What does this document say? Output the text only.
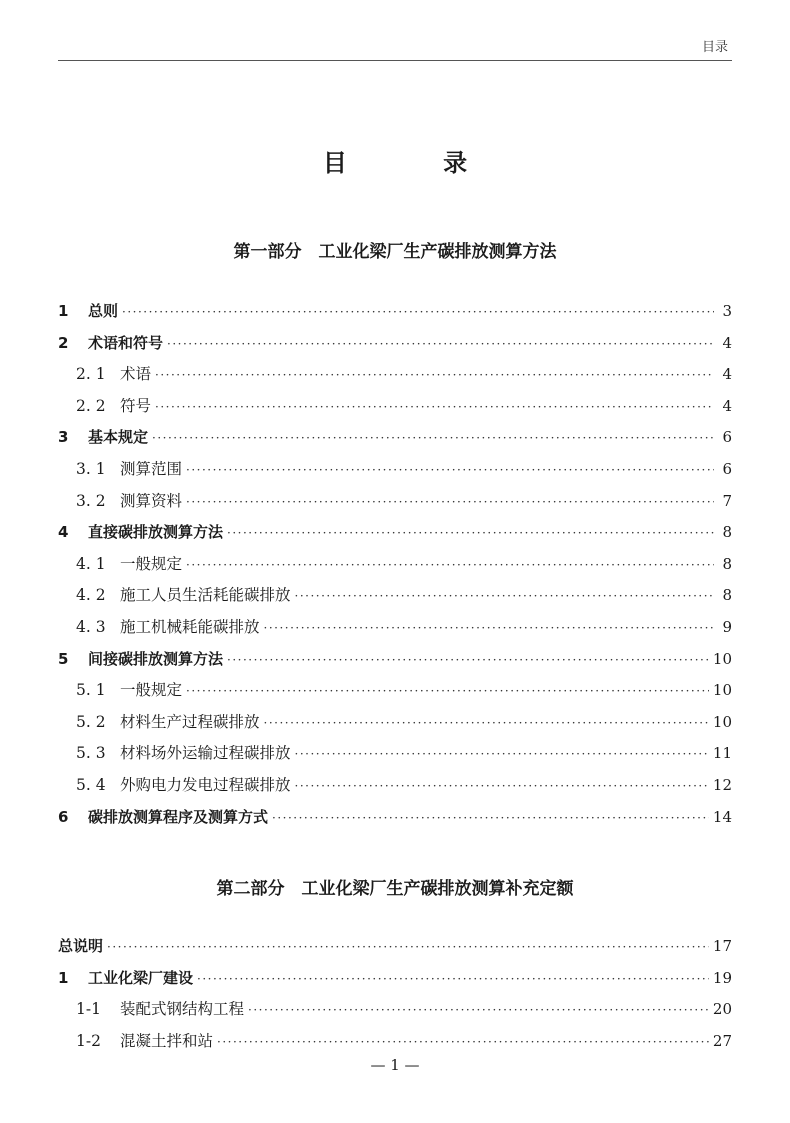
目录
目 录
第一部分　工业化梁厂生产碳排放测算方法
1	总则 ·····	3
2	术语和符号 ·····	4
2. 1 术语 ·····	4
2. 2 符号 ·····	4
3	基本规定 ·····	6
3. 1 测算范围 ·····	6
3. 2 测算资料 ·····	7
4	直接碳排放测算方法 ·····	8
4. 1 一般规定 ·····	8
4. 2 施工人员生活耗能碳排放 ·····	8
4. 3 施工机械耗能碳排放 ·····	9
5	间接碳排放测算方法 ·····	10
5. 1 一般规定 ·····	10
5. 2 材料生产过程碳排放 ·····	10
5. 3 材料场外运输过程碳排放 ·····	11
5. 4 外购电力发电过程碳排放 ·····	12
6	碳排放测算程序及测算方式 ·····	14
第二部分　工业化梁厂生产碳排放测算补充定额
总说明 ·····	17
1	工业化梁厂建设 ·····	19
1-1	装配式钢结构工程 ·····	20
1-2	混凝土拌和站 ·····	27
— 1 —
